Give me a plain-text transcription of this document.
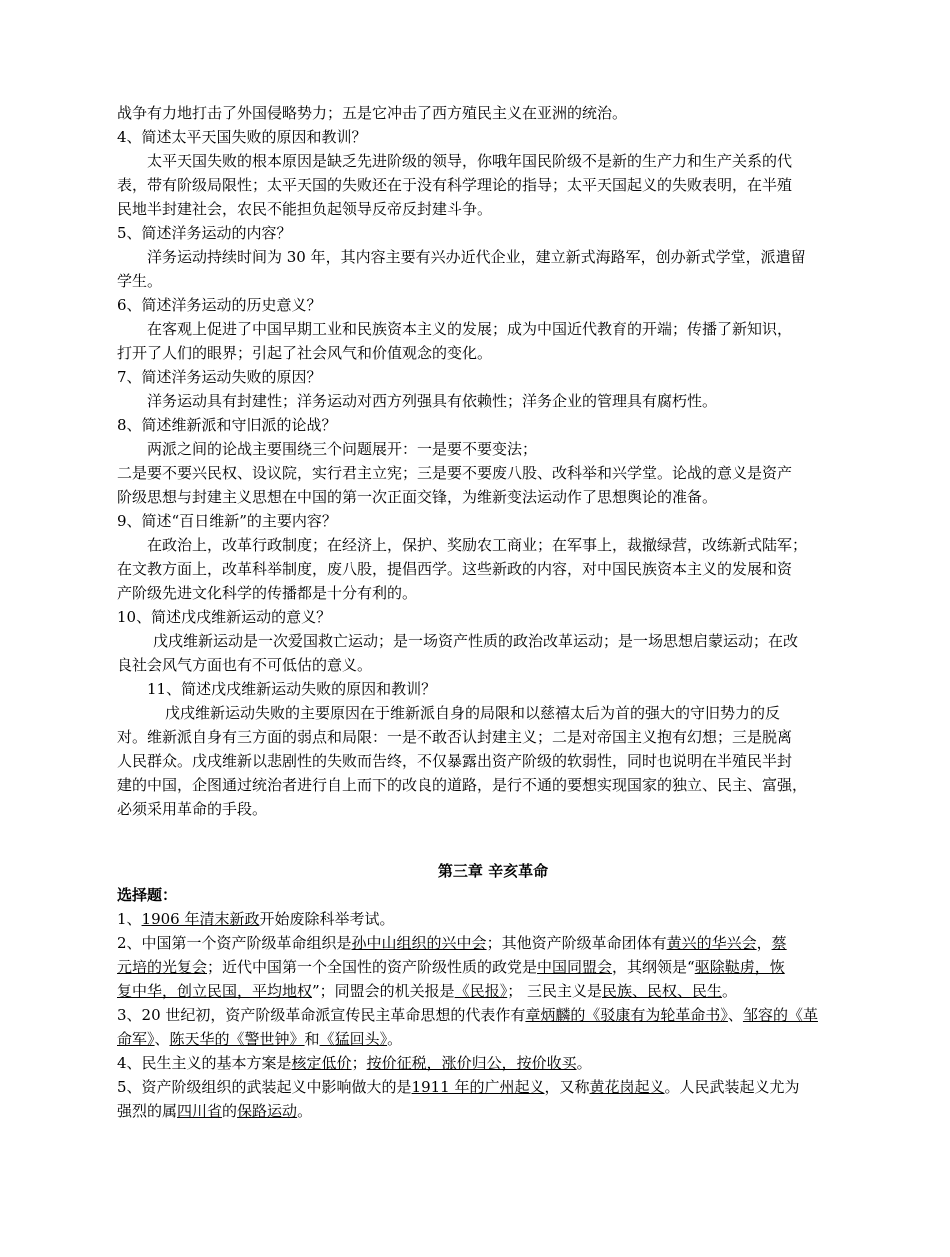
战争有力地打击了外国侵略势力；五是它冲击了西方殖民主义在亚洲的统治。
4、简述太平天国失败的原因和教训？
太平天国失败的根本原因是缺乏先进阶级的领导，你哦年国民阶级不是新的生产力和生产关系的代
表，带有阶级局限性；太平天国的失败还在于没有科学理论的指导；太平天国起义的失败表明，在半殖
民地半封建社会，农民不能担负起领导反帝反封建斗争。
5、简述洋务运动的内容？
洋务运动持续时间为 30 年，其内容主要有兴办近代企业，建立新式海路军，创办新式学堂，派遣留
学生。
6、简述洋务运动的历史意义？
在客观上促进了中国早期工业和民族资本主义的发展；成为中国近代教育的开端；传播了新知识，
打开了人们的眼界；引起了社会风气和价值观念的变化。
7、简述洋务运动失败的原因？
洋务运动具有封建性；洋务运动对西方列强具有依赖性；洋务企业的管理具有腐朽性。
8、简述维新派和守旧派的论战？
两派之间的论战主要围绕三个问题展开：一是要不要变法；
二是要不要兴民权、设议院，实行君主立宪；三是要不要废八股、改科举和兴学堂。论战的意义是资产
阶级思想与封建主义思想在中国的第一次正面交锋，为维新变法运动作了思想舆论的准备。
9、简述“百日维新”的主要内容？
在政治上，改革行政制度；在经济上，保护、奖励农工商业；在军事上，裁撤绿营，改练新式陆军；
在文教方面上，改革科举制度，废八股，提倡西学。这些新政的内容，对中国民族资本主义的发展和资
产阶级先进文化科学的传播都是十分有利的。
10、简述戊戌维新运动的意义？
戊戌维新运动是一次爱国救亡运动；是一场资产性质的政治改革运动；是一场思想启蒙运动；在改
良社会风气方面也有不可低估的意义。
11、简述戊戌维新运动失败的原因和教训？
戊戌维新运动失败的主要原因在于维新派自身的局限和以慈禧太后为首的强大的守旧势力的反
对。维新派自身有三方面的弱点和局限：一是不敢否认封建主义；二是对帝国主义抱有幻想；三是脱离
人民群众。戊戌维新以悲剧性的失败而告终，不仅暴露出资产阶级的软弱性，同时也说明在半殖民半封
建的中国，企图通过统治者进行自上而下的改良的道路，是行不通的要想实现国家的独立、民主、富强，
必须采用革命的手段。
第三章 辛亥革命
选择题：
1、1906 年清末新政开始废除科举考试。
2、中国第一个资产阶级革命组织是孙中山组织的兴中会；其他资产阶级革命团体有黄兴的华兴会，蔡
元培的光复会；近代中国第一个全国性的资产阶级性质的政党是中国同盟会，其纲领是“驱除鞑虏，恢
复中华，创立民国，平均地权”；同盟会的机关报是《民报》； 三民主义是民族、民权、民生。
3、20 世纪初，资产阶级革命派宣传民主革命思想的代表作有章炳麟的《驳康有为轮革命书》、邹容的《革
命军》、陈天华的《警世钟》和《猛回头》。
4、民生主义的基本方案是核定低价；按价征税，涨价归公，按价收买。
5、资产阶级组织的武装起义中影响做大的是1911 年的广州起义，又称黄花岗起义。人民武装起义尤为
强烈的属四川省的保路运动。
